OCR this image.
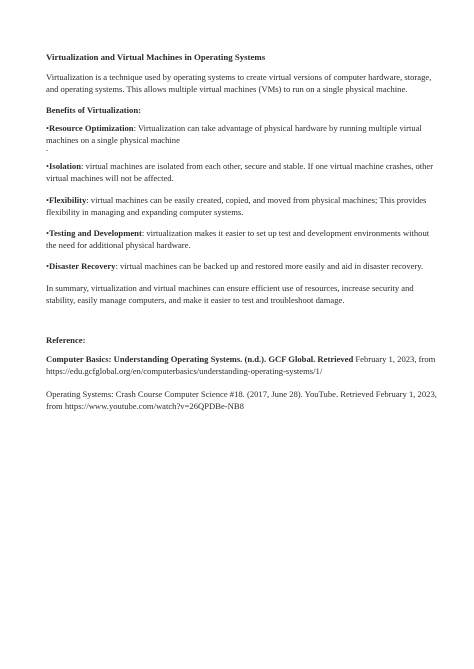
Virtualization and Virtual Machines in Operating Systems
Virtualization is a technique used by operating systems to create virtual versions of computer hardware, storage, and operating systems. This allows multiple virtual machines (VMs) to run on a single physical machine.
Benefits of Virtualization:
•Resource Optimization: Virtualization can take advantage of physical hardware by running multiple virtual machines on a single physical machine
.
•Isolation: virtual machines are isolated from each other, secure and stable. If one virtual machine crashes, other virtual machines will not be affected.
•Flexibility: virtual machines can be easily created, copied, and moved from physical machines; This provides flexibility in managing and expanding computer systems.
•Testing and Development: virtualization makes it easier to set up test and development environments without the need for additional physical hardware.
•Disaster Recovery: virtual machines can be backed up and restored more easily and aid in disaster recovery.
In summary, virtualization and virtual machines can ensure efficient use of resources, increase security and stability, easily manage computers, and make it easier to test and troubleshoot damage.
Reference:
Computer Basics: Understanding Operating Systems. (n.d.). GCF Global. Retrieved February 1, 2023, from https://edu.gcfglobal.org/en/computerbasics/understanding-operating-systems/1/
Operating Systems: Crash Course Computer Science #18. (2017, June 28). YouTube. Retrieved February 1, 2023, from https://www.youtube.com/watch?v=26QPDBe-NB8
